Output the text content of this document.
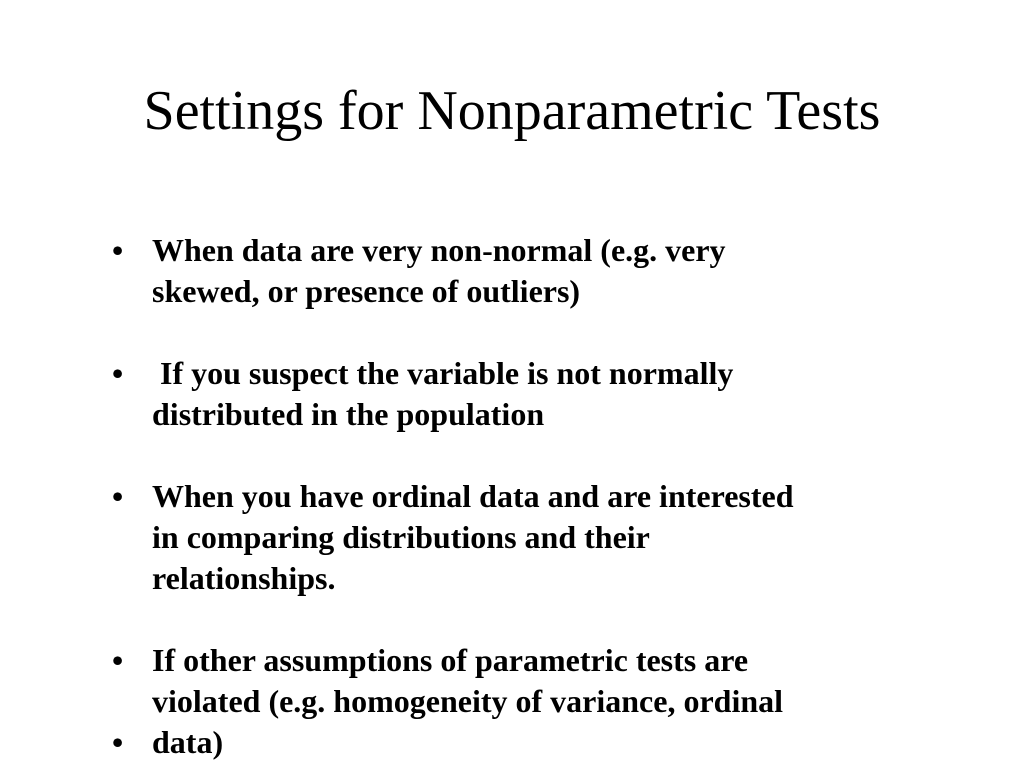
Settings for Nonparametric Tests
• When data are very non-normal (e.g. very
skewed, or presence of outliers)
• If you suspect the variable is not normally
distributed in the population
• When you have ordinal data and are interested
in comparing distributions and their
relationships.
• If other assumptions of parametric tests are
violated (e.g. homogeneity of variance, ordinal
• data)
